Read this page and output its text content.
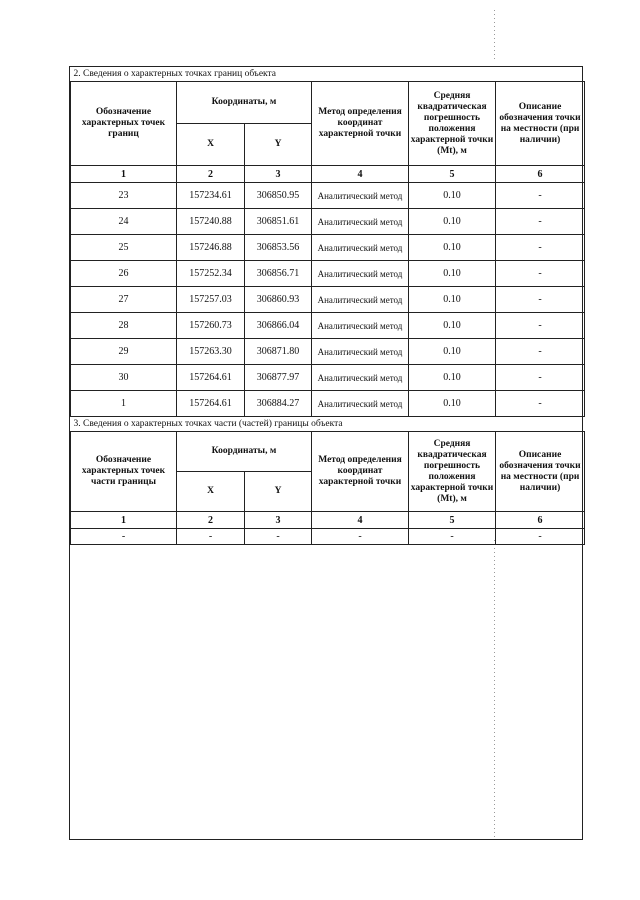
2. Сведения о характерных точках границ объекта					
Обозначение характерных точек границ	Координаты, м		Метод определения координат характерной точки	Средняя квадратическая погрешность положения характерной точки (Mt), м	Описание обозначения точки на местности (при наличии)
	X	Y			
1	2	3	4	5	6
23	157234.61	306850.95	Аналитический метод	0.10	-
24	157240.88	306851.61	Аналитический метод	0.10	-
25	157246.88	306853.56	Аналитический метод	0.10	-
26	157252.34	306856.71	Аналитический метод	0.10	-
27	157257.03	306860.93	Аналитический метод	0.10	-
28	157260.73	306866.04	Аналитический метод	0.10	-
29	157263.30	306871.80	Аналитический метод	0.10	-
30	157264.61	306877.97	Аналитический метод	0.10	-
1	157264.61	306884.27	Аналитический метод	0.10	-
3. Сведения о характерных точках части (частей) границы объекта					
Обозначение характерных точек части границы	Координаты, м		Метод определения координат характерной точки	Средняя квадратическая погрешность положения характерной точки (Mt), м	Описание обозначения точки на местности (при наличии)
	X	Y			
1	2	3	4	5	6
-	-	-	-	-	-
